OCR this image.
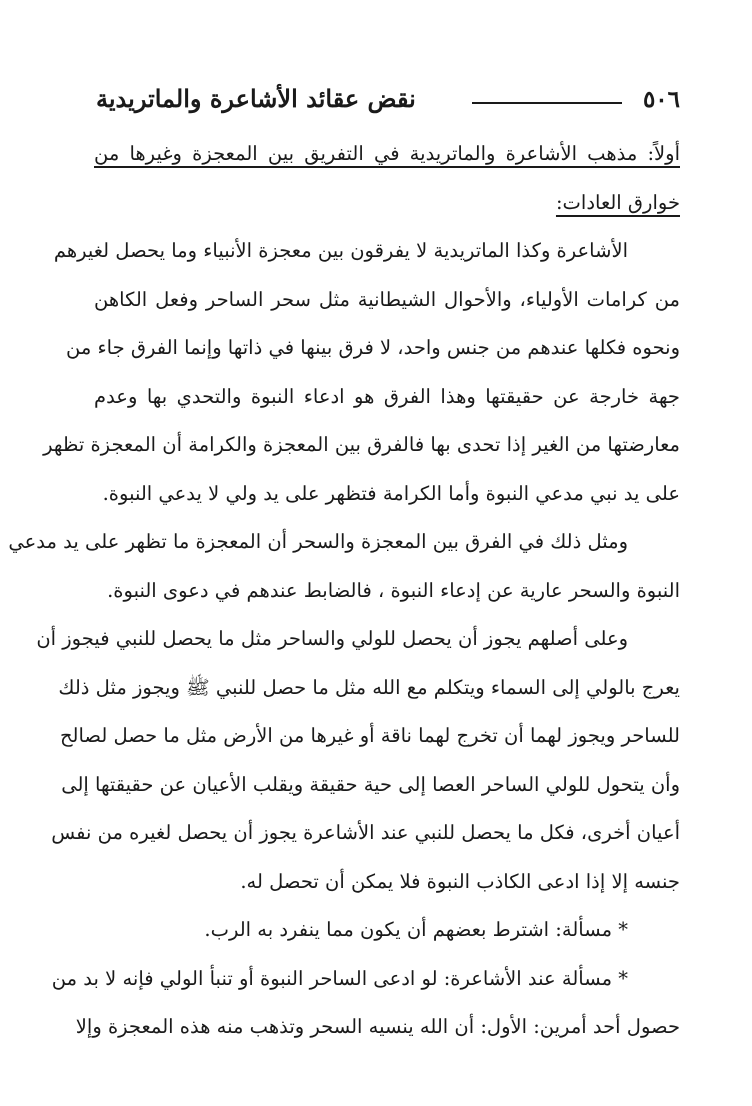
٥٠٦
نقض عقائد الأشاعرة والماتريدية
أولاً: مذهب الأشاعرة والماتريدية في التفريق بين المعجزة وغيرها من
خوارق العادات:
الأشاعرة وكذا الماتريدية لا يفرقون بين معجزة الأنبياء وما يحصل لغيرهم
من كرامات الأولياء، والأحوال الشيطانية مثل سحر الساحر وفعل الكاهن
ونحوه فكلها عندهم من جنس واحد، لا فرق بينها في ذاتها وإنما الفرق جاء من
جهة خارجة عن حقيقتها وهذا الفرق هو ادعاء النبوة والتحدي بها وعدم
معارضتها من الغير إذا تحدى بها فالفرق بين المعجزة والكرامة أن المعجزة تظهر
على يد نبي مدعي النبوة وأما الكرامة فتظهر على يد ولي لا يدعي النبوة.
ومثل ذلك في الفرق بين المعجزة والسحر أن المعجزة ما تظهر على يد مدعي
النبوة والسحر عارية عن إدعاء النبوة ، فالضابط عندهم في دعوى النبوة.
وعلى أصلهم يجوز أن يحصل للولي والساحر مثل ما يحصل للنبي فيجوز أن
يعرج بالولي إلى السماء ويتكلم مع الله مثل ما حصل للنبي ﷺ ويجوز مثل ذلك
للساحر ويجوز لهما أن تخرج لهما ناقة أو غيرها من الأرض مثل ما حصل لصالح
وأن يتحول للولي الساحر العصا إلى حية حقيقة ويقلب الأعيان عن حقيقتها إلى
أعيان أخرى، فكل ما يحصل للنبي عند الأشاعرة يجوز أن يحصل لغيره من نفس
جنسه إلا إذا ادعى الكاذب النبوة فلا يمكن أن تحصل له.
* مسألة: اشترط بعضهم أن يكون مما ينفرد به الرب.
* مسألة عند الأشاعرة: لو ادعى الساحر النبوة أو تنبأ الولي فإنه لا بد من
حصول أحد أمرين: الأول: أن الله ينسيه السحر وتذهب منه هذه المعجزة وإلا
